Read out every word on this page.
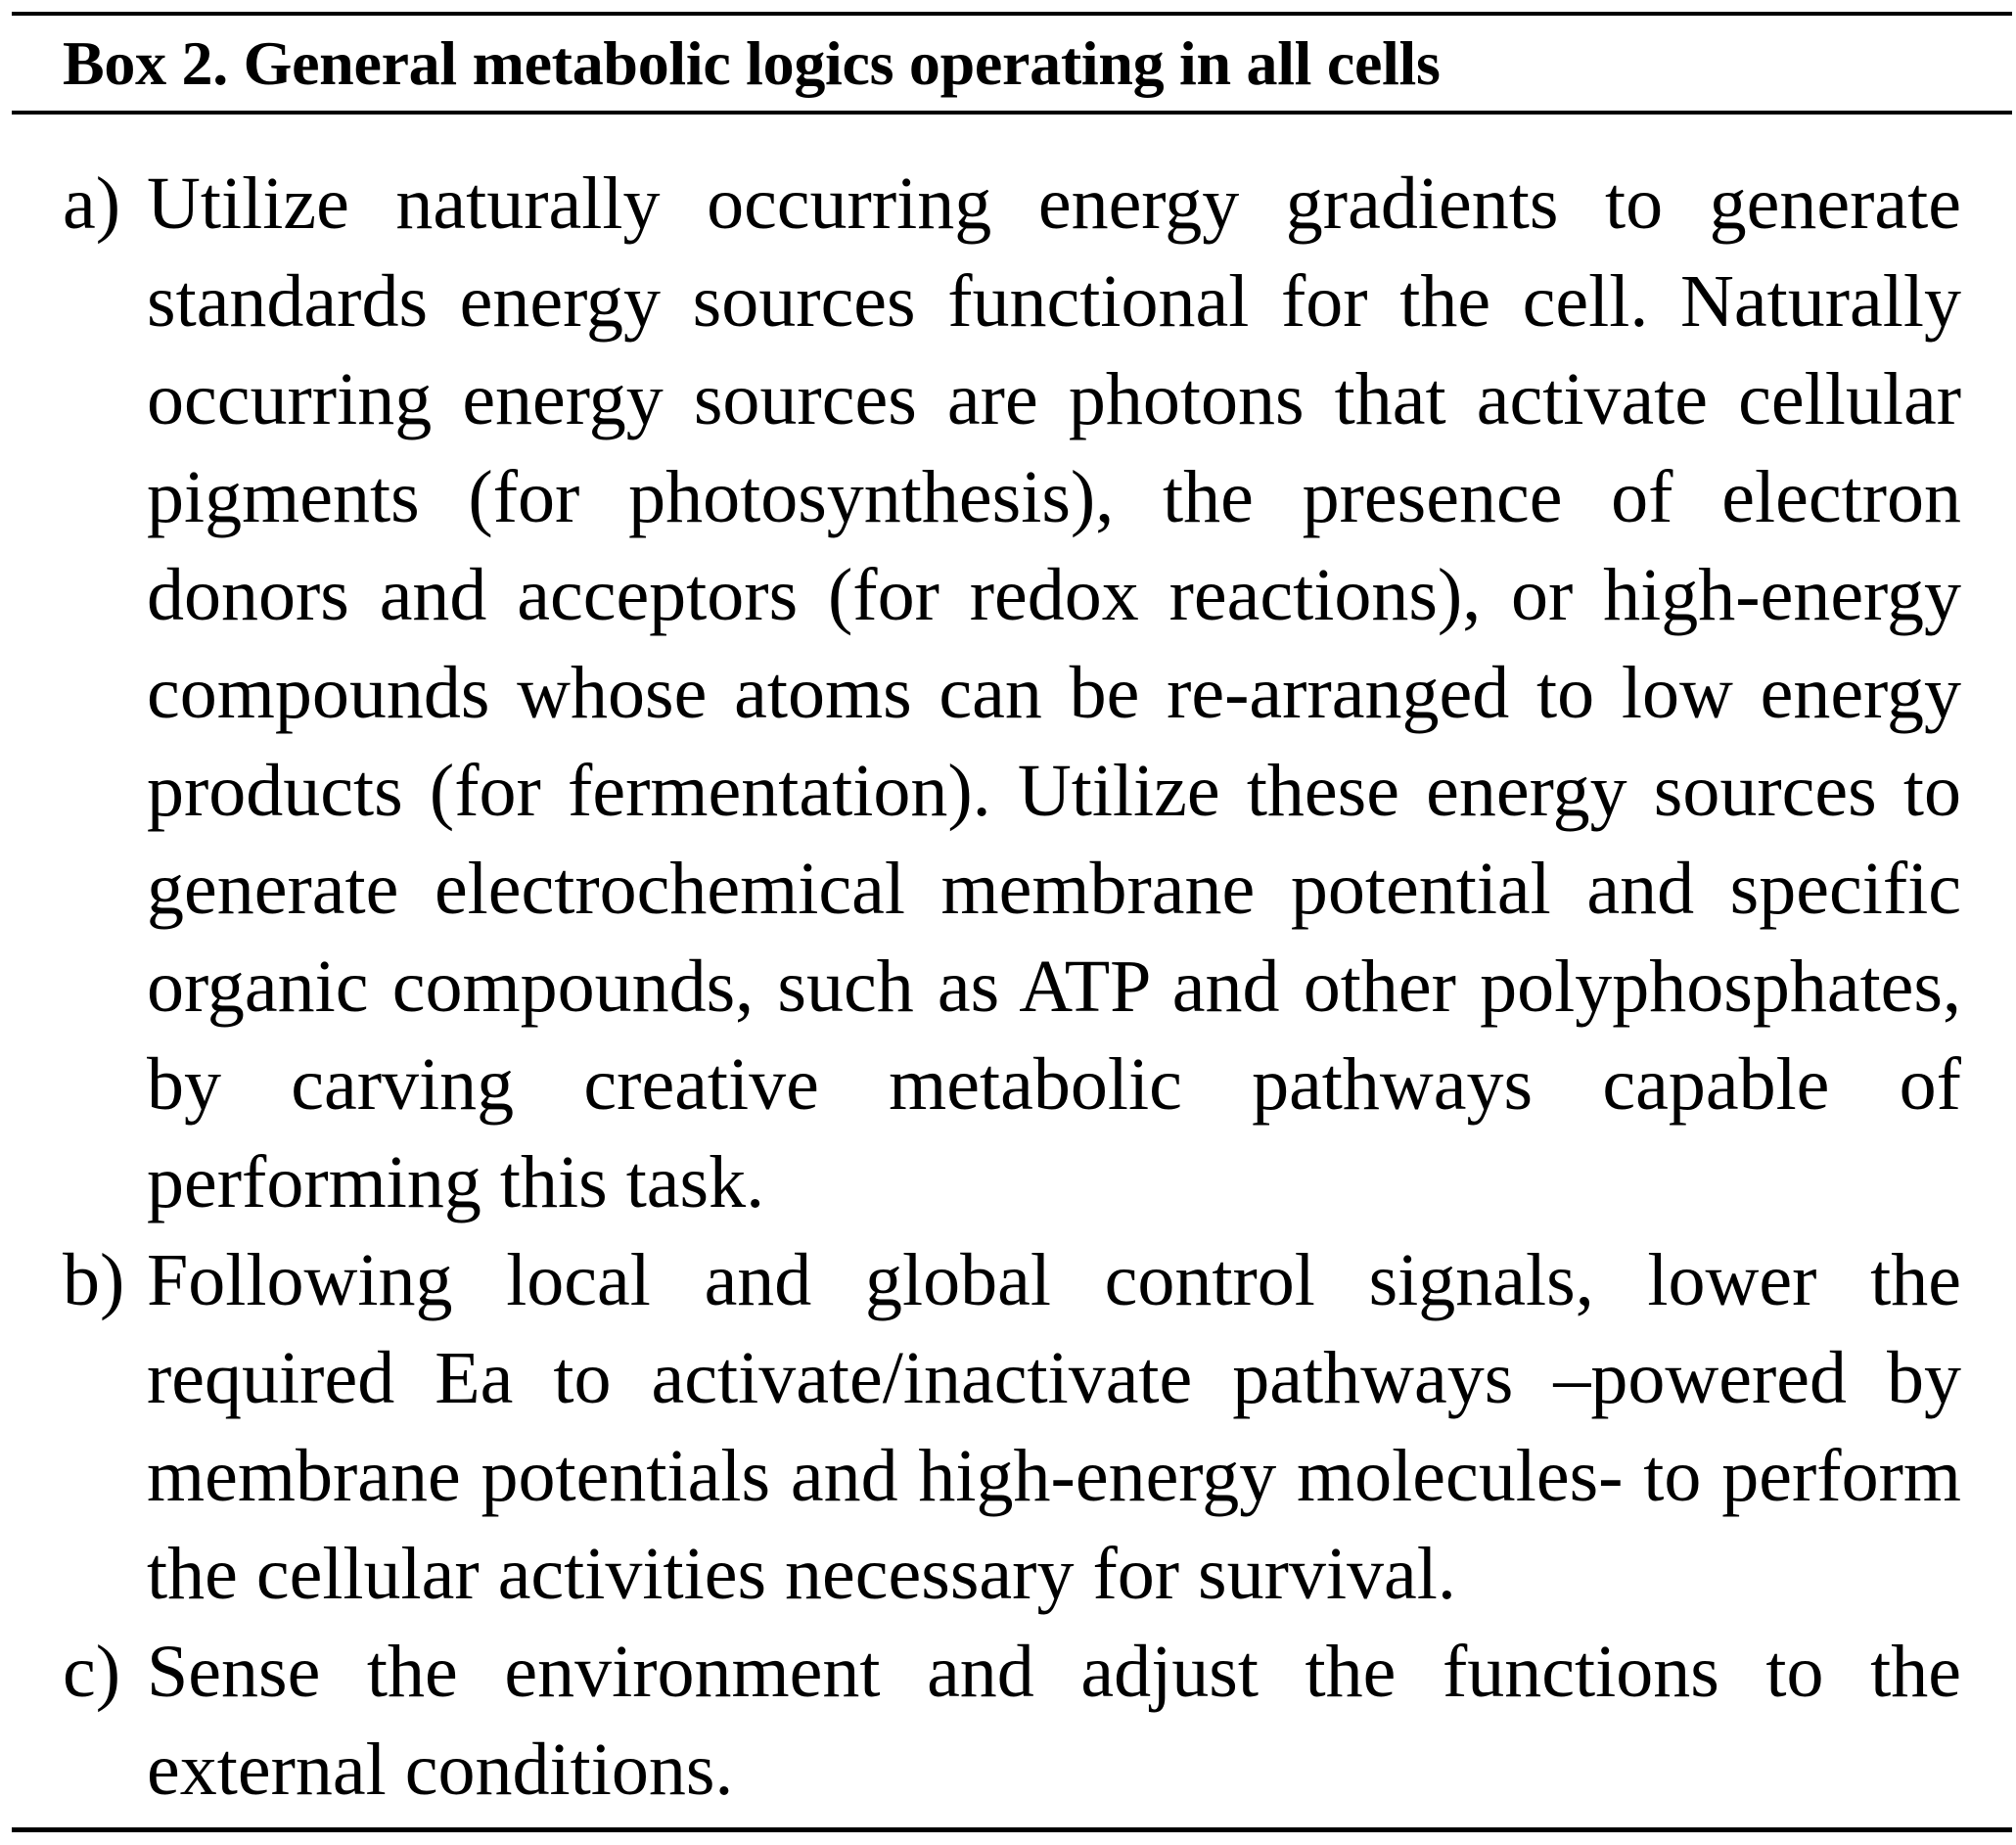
Box 2. General metabolic logics operating in all cells
a) Utilize naturally occurring energy gradients to generate standards energy sources functional for the cell. Naturally occurring energy sources are photons that activate cellular pigments (for photosynthesis), the presence of electron donors and acceptors (for redox reactions), or high-energy compounds whose atoms can be re-arranged to low energy products (for fermentation). Utilize these energy sources to generate electrochemical membrane potential and specific organic compounds, such as ATP and other polyphosphates, by carving creative metabolic pathways capable of performing this task.
b) Following local and global control signals, lower the required Ea to activate/inactivate pathways –powered by membrane potentials and high-energy molecules- to perform the cellular activities necessary for survival.
c) Sense the environment and adjust the functions to the external conditions.
